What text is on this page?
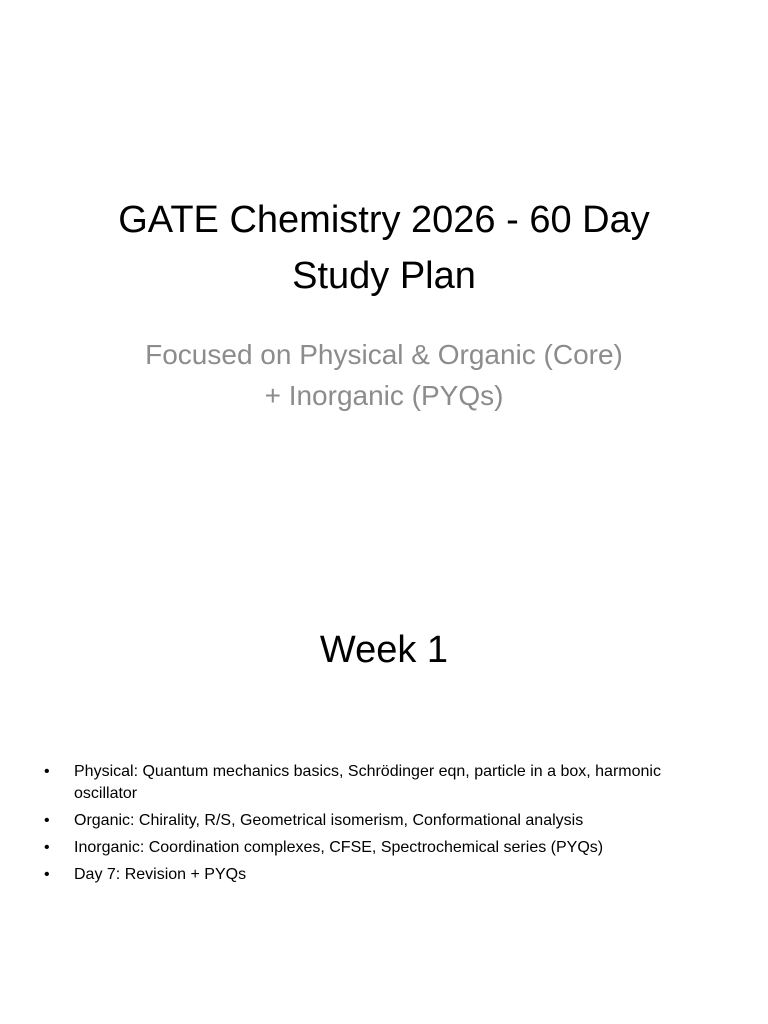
GATE Chemistry 2026 - 60 Day
Study Plan
Focused on Physical & Organic (Core)
+ Inorganic (PYQs)
Week 1
• Physical: Quantum mechanics basics, Schrödinger eqn, particle in a box, harmonic oscillator
• Organic: Chirality, R/S, Geometrical isomerism, Conformational analysis
• Inorganic: Coordination complexes, CFSE, Spectrochemical series (PYQs)
• Day 7: Revision + PYQs
